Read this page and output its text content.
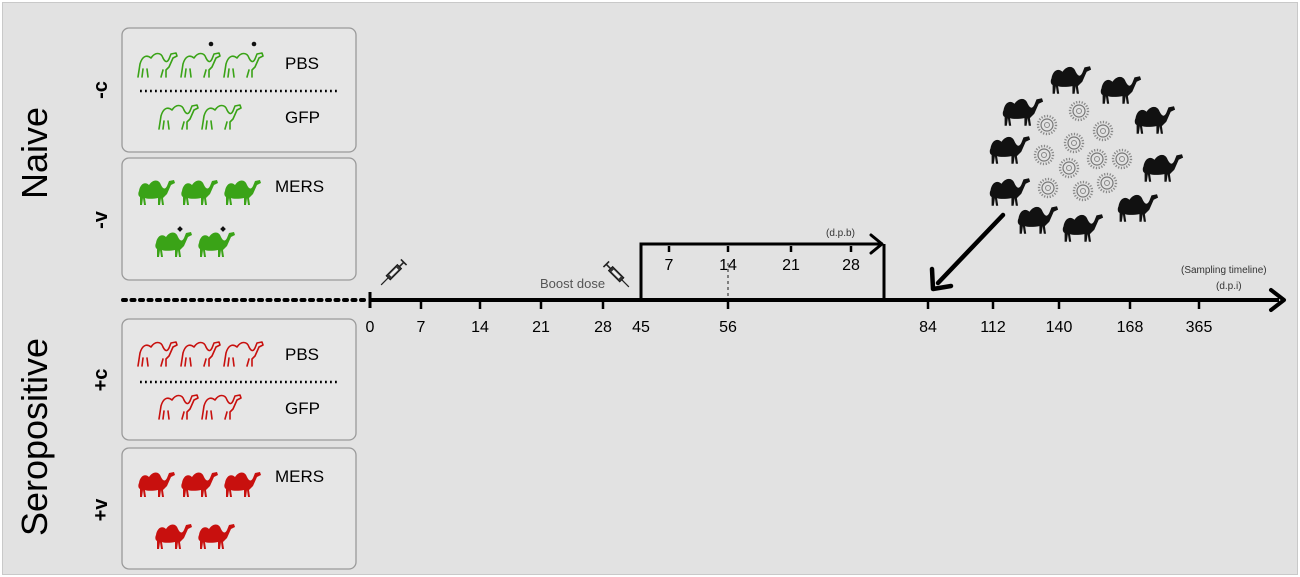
Naive
Seropositive
-c
-v
+c
+v
PBS
GFP
MERS
PBS
GFP
MERS
0	7	14	21	28 45	56	84	112 140	168	365
7	14	21	28
(d.p.b)
Boost dose
(Sampling timeline)
(d.p.i)
